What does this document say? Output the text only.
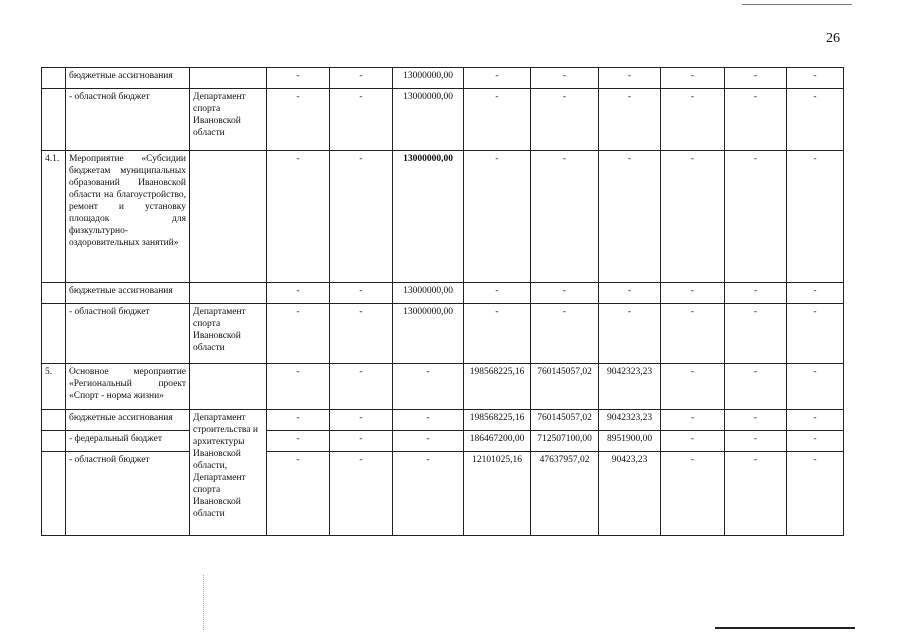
26
	бюджетные ассигнования		-	-	13000000,00	-	-	-	-	-	-
	- областной бюджет	Департамент спорта Ивановской области	-	-	13000000,00	-	-	-	-	-	-
4.1.	Мероприятие «Субсидии бюджетам муниципальных образований Ивановской области на благоустройство, ремонт и установку площадок для физкультурно-оздоровительных занятий»		-	-	13000000,00	-	-	-	-	-	-
	бюджетные ассигнования		-	-	13000000,00	-	-	-	-	-	-
	- областной бюджет	Департамент спорта Ивановской области	-	-	13000000,00	-	-	-	-	-	-
5.	Основное мероприятие «Региональный проект «Спорт - норма жизни»		-	-	-	198568225,16	760145057,02	9042323,23	-	-	-
	бюджетные ассигнования	Департамент строительства и архитектуры Ивановской области, Департамент спорта Ивановской области	-	-	-	198568225,16	760145057,02	9042323,23	-	-	-
	- федеральный бюджет		-	-	-	186467200,00	712507100,00	8951900,00	-	-	-
	- областной бюджет		-	-	-	12101025,16	47637957,02	90423,23	-	-	-
